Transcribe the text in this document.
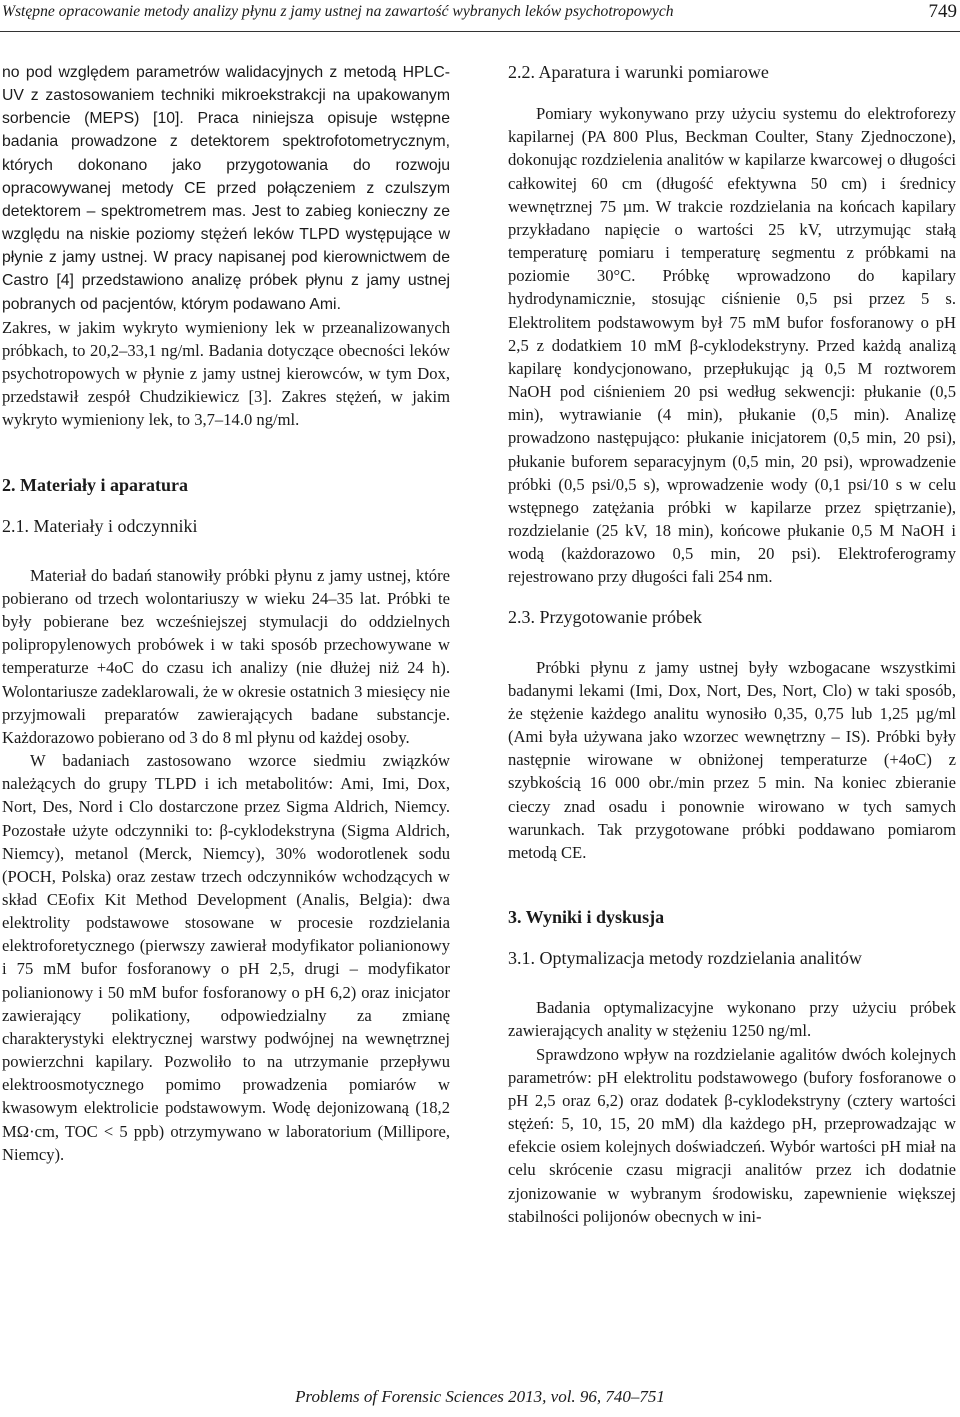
Wstępne opracowanie metody analizy płynu z jamy ustnej na zawartość wybranych leków psychotropowych	749

no pod względem parametrów walidacyjnych z metodą HPLC-UV z zastosowaniem techniki mikroekstrakcji na upakowanym sorbencie (MEPS) [10]. Praca niniejsza opisuje wstępne badania prowadzone z detektorem spektrofotometrycznym, których dokonano jako przygotowania do rozwoju opracowywanej metody CE przed połączeniem z czulszym detektorem – spektrometrem mas. Jest to zabieg konieczny ze względu na niskie poziomy stężeń leków TLPD występujące w płynie z jamy ustnej. W pracy napisanej pod kierownictwem de Castro [4] przedstawiono analizę próbek płynu z jamy ustnej pobranych od pacjentów, którym podawano Ami.

Zakres, w jakim wykryto wymieniony lek w przeanalizowanych próbkach, to 20,2–33,1 ng/ml. Badania dotyczące obecności leków psychotropowych w płynie z jamy ustnej kierowców, w tym Dox, przedstawił zespół Chudzikiewicz [3]. Zakres stężeń, w jakim wykryto wymieniony lek, to 3,7–14.0 ng/ml.

2. Materiały i aparatura

2.1. Materiały i odczynniki

Materiał do badań stanowiły próbki płynu z jamy ustnej, które pobierano od trzech wolontariuszy w wieku 24–35 lat. Próbki te były pobierane bez wcześniejszej stymulacji do oddzielnych polipropylenowych probówek i w taki sposób przechowywane w temperaturze +4oC do czasu ich analizy (nie dłużej niż 24 h). Wolontariusze zadeklarowali, że w okresie ostatnich 3 miesięcy nie przyjmowali preparatów zawierających badane substancje. Każdorazowo pobierano od 3 do 8 ml płynu od każdej osoby.

W badaniach zastosowano wzorce siedmiu związków należących do grupy TLPD i ich metabolitów: Ami, Imi, Dox, Nort, Des, Nord i Clo dostarczone przez Sigma Aldrich, Niemcy. Pozostałe użyte odczynniki to: β-cyklodekstryna (Sigma Aldrich, Niemcy), metanol (Merck, Niemcy), 30% wodorotlenek sodu (POCH, Polska) oraz zestaw trzech odczynników wchodzących w skład CEofix Kit Method Development (Analis, Belgia): dwa elektrolity podstawowe stosowane w procesie rozdzielania elektroforetycznego (pierwszy zawierał modyfikator polianionowy i 75 mM bufor fosforanowy o pH 2,5, drugi – modyfikator polianionowy i 50 mM bufor fosforanowy o pH 6,2) oraz inicjator zawierający polikationy, odpowiedzialny za zmianę charakterystyki elektrycznej warstwy podwójnej na wewnętrznej powierzchni kapilary. Pozwoliło to na utrzymanie przepływu elektroosmotycznego pomimo prowadzenia pomiarów w kwasowym elektrolicie podstawowym. Wodę dejonizowaną (18,2 MΩ·cm, TOC < 5 ppb) otrzymywano w laboratorium (Millipore, Niemcy).

2.2. Aparatura i warunki pomiarowe

Pomiary wykonywano przy użyciu systemu do elektroforezy kapilarnej (PA 800 Plus, Beckman Coulter, Stany Zjednoczone), dokonując rozdzielenia analitów w kapilarze kwarcowej o długości całkowitej 60 cm (długość efektywna 50 cm) i średnicy wewnętrznej 75 µm. W trakcie rozdzielania na końcach kapilary przykładano napięcie o wartości 25 kV, utrzymując stałą temperaturę pomiaru i temperaturę segmentu z próbkami na poziomie 30°C. Próbkę wprowadzono do kapilary hydrodynamicznie, stosując ciśnienie 0,5 psi przez 5 s. Elektrolitem podstawowym był 75 mM bufor fosforanowy o pH 2,5 z dodatkiem 10 mM β-cyklodekstryny. Przed każdą analizą kapilarę kondycjonowano, przepłukując ją 0,5 M roztworem NaOH pod ciśnieniem 20 psi według sekwencji: płukanie (0,5 min), wytrawianie (4 min), płukanie (0,5 min). Analizę prowadzono następująco: płukanie inicjatorem (0,5 min, 20 psi), płukanie buforem separacyjnym (0,5 min, 20 psi), wprowadzenie próbki (0,5 psi/0,5 s), wprowadzenie wody (0,1 psi/10 s w celu wstępnego zatężania próbki w kapilarze przez spiętrzanie), rozdzielanie (25 kV, 18 min), końcowe płukanie 0,5 M NaOH i wodą (każdorazowo 0,5 min, 20 psi). Elektroferogramy rejestrowano przy długości fali 254 nm.

2.3. Przygotowanie próbek

Próbki płynu z jamy ustnej były wzbogacane wszystkimi badanymi lekami (Imi, Dox, Nort, Des, Nort, Clo) w taki sposób, że stężenie każdego analitu wynosiło 0,35, 0,75 lub 1,25 µg/ml (Ami była używana jako wzorzec wewnętrzny – IS). Próbki były następnie wirowane w obniżonej temperaturze (+4oC) z szybkością 16 000 obr./min przez 5 min. Na koniec zbieranie cieczy znad osadu i ponownie wirowano w tych samych warunkach. Tak przygotowane próbki poddawano pomiarom metodą CE.

3. Wyniki i dyskusja

3.1. Optymalizacja metody rozdzielania analitów

Badania optymalizacyjne wykonano przy użyciu próbek zawierających anality w stężeniu 1250 ng/ml.

Sprawdzono wpływ na rozdzielanie agalitów dwóch kolejnych parametrów: pH elektrolitu podstawowego (bufory fosforanowe o pH 2,5 oraz 6,2) oraz dodatek β-cyklodekstryny (cztery wartości stężeń: 5, 10, 15, 20 mM) dla każdego pH, przeprowadzając w efekcie osiem kolejnych doświadczeń. Wybór wartości pH miał na celu skrócenie czasu migracji analitów przez ich dodatnie zjonizowanie w wybranym środowisku, zapewnienie większej stabilności polijonów obecnych w ini-

Problems of Forensic Sciences 2013, vol. 96, 740–751
